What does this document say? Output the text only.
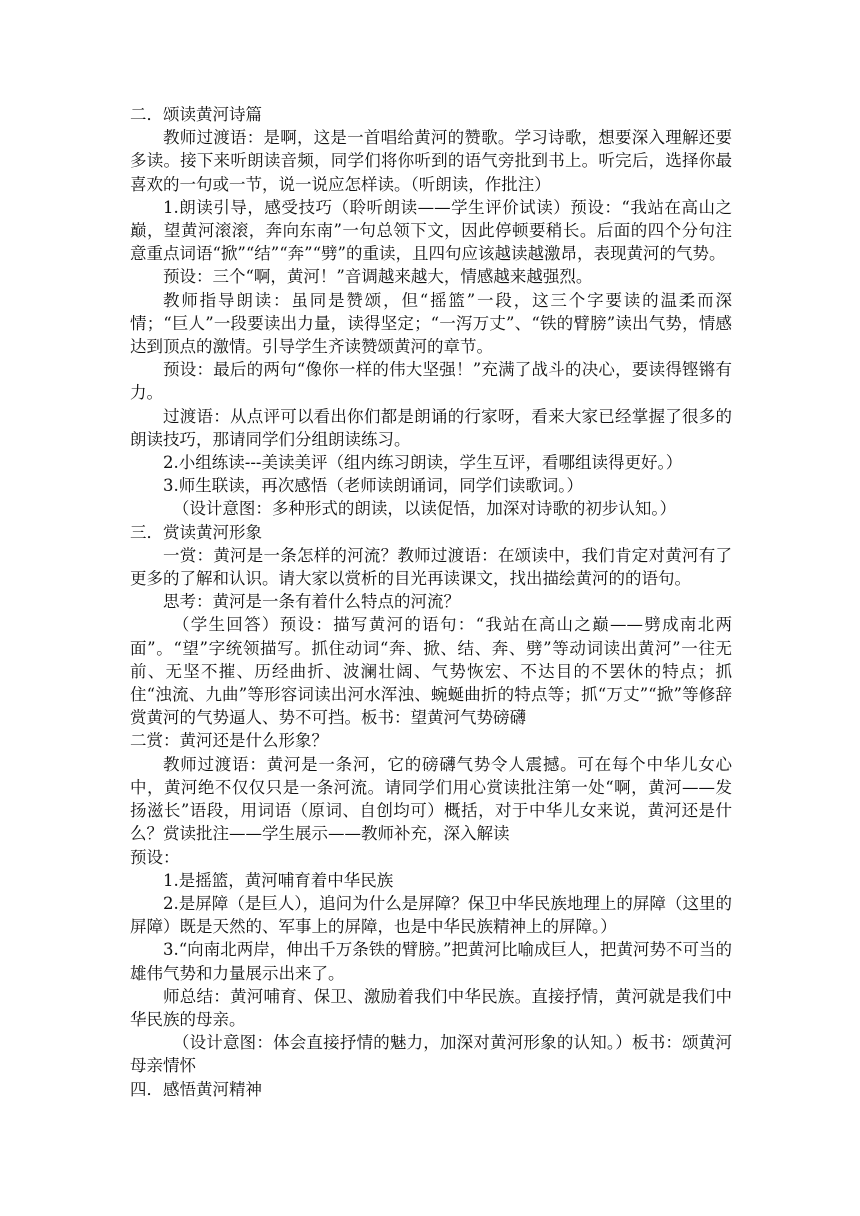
二．颂读黄河诗篇

教师过渡语：是啊，这是一首唱给黄河的赞歌。学习诗歌，想要深入理解还要多读。接下来听朗读音频，同学们将你听到的语气旁批到书上。听完后，选择你最喜欢的一句或一节，说一说应怎样读。（听朗读，作批注）

1.朗读引导，感受技巧（聆听朗读——学生评价试读）预设：“我站在高山之巅，望黄河滚滚，奔向东南”一句总领下文，因此停顿要稍长。后面的四个分句注意重点词语“掀”“结”“奔”“劈”的重读，且四句应该越读越激昂，表现黄河的气势。

预设：三个“啊，黄河！”音调越来越大，情感越来越强烈。

教师指导朗读：虽同是赞颂，但“摇篮”一段，这三个字要读的温柔而深情；“巨人”一段要读出力量，读得坚定；“一泻万丈”、“铁的臂膀”读出气势，情感达到顶点的激情。引导学生齐读赞颂黄河的章节。

预设：最后的两句“像你一样的伟大坚强！”充满了战斗的决心，要读得铿锵有力。

过渡语：从点评可以看出你们都是朗诵的行家呀，看来大家已经掌握了很多的朗读技巧，那请同学们分组朗读练习。

2.小组练读---美读美评（组内练习朗读，学生互评，看哪组读得更好。）

3.师生联读，再次感悟（老师读朗诵词，同学们读歌词。）

（设计意图：多种形式的朗读，以读促悟，加深对诗歌的初步认知。）

三．赏读黄河形象

一赏：黄河是一条怎样的河流？教师过渡语：在颂读中，我们肯定对黄河有了更多的了解和认识。请大家以赏析的目光再读课文，找出描绘黄河的的语句。

思考：黄河是一条有着什么特点的河流？

（学生回答）预设：描写黄河的语句：“我站在高山之巅——劈成南北两面”。“望”字统领描写。抓住动词“奔、掀、结、奔、劈”等动词读出黄河”一往无前、无坚不摧、历经曲折、波澜壮阔、气势恢宏、不达目的不罢休的特点；抓住“浊流、九曲”等形容词读出河水浑浊、蜿蜒曲折的特点等；抓“万丈”“掀”等修辞赏黄河的气势逼人、势不可挡。板书：望黄河气势磅礴

二赏：黄河还是什么形象？

教师过渡语：黄河是一条河，它的磅礴气势令人震撼。可在每个中华儿女心中，黄河绝不仅仅只是一条河流。请同学们用心赏读批注第一处“啊，黄河——发扬滋长”语段，用词语（原词、自创均可）概括，对于中华儿女来说，黄河还是什么？赏读批注——学生展示——教师补充，深入解读

预设：

1.是摇篮，黄河哺育着中华民族

2.是屏障（是巨人），追问为什么是屏障？保卫中华民族地理上的屏障（这里的屏障）既是天然的、军事上的屏障，也是中华民族精神上的屏障。）

3.“向南北两岸，伸出千万条铁的臂膀。”把黄河比喻成巨人，把黄河势不可当的雄伟气势和力量展示出来了。

师总结：黄河哺育、保卫、激励着我们中华民族。直接抒情，黄河就是我们中华民族的母亲。

（设计意图：体会直接抒情的魅力，加深对黄河形象的认知。）板书：颂黄河母亲情怀

四．感悟黄河精神
